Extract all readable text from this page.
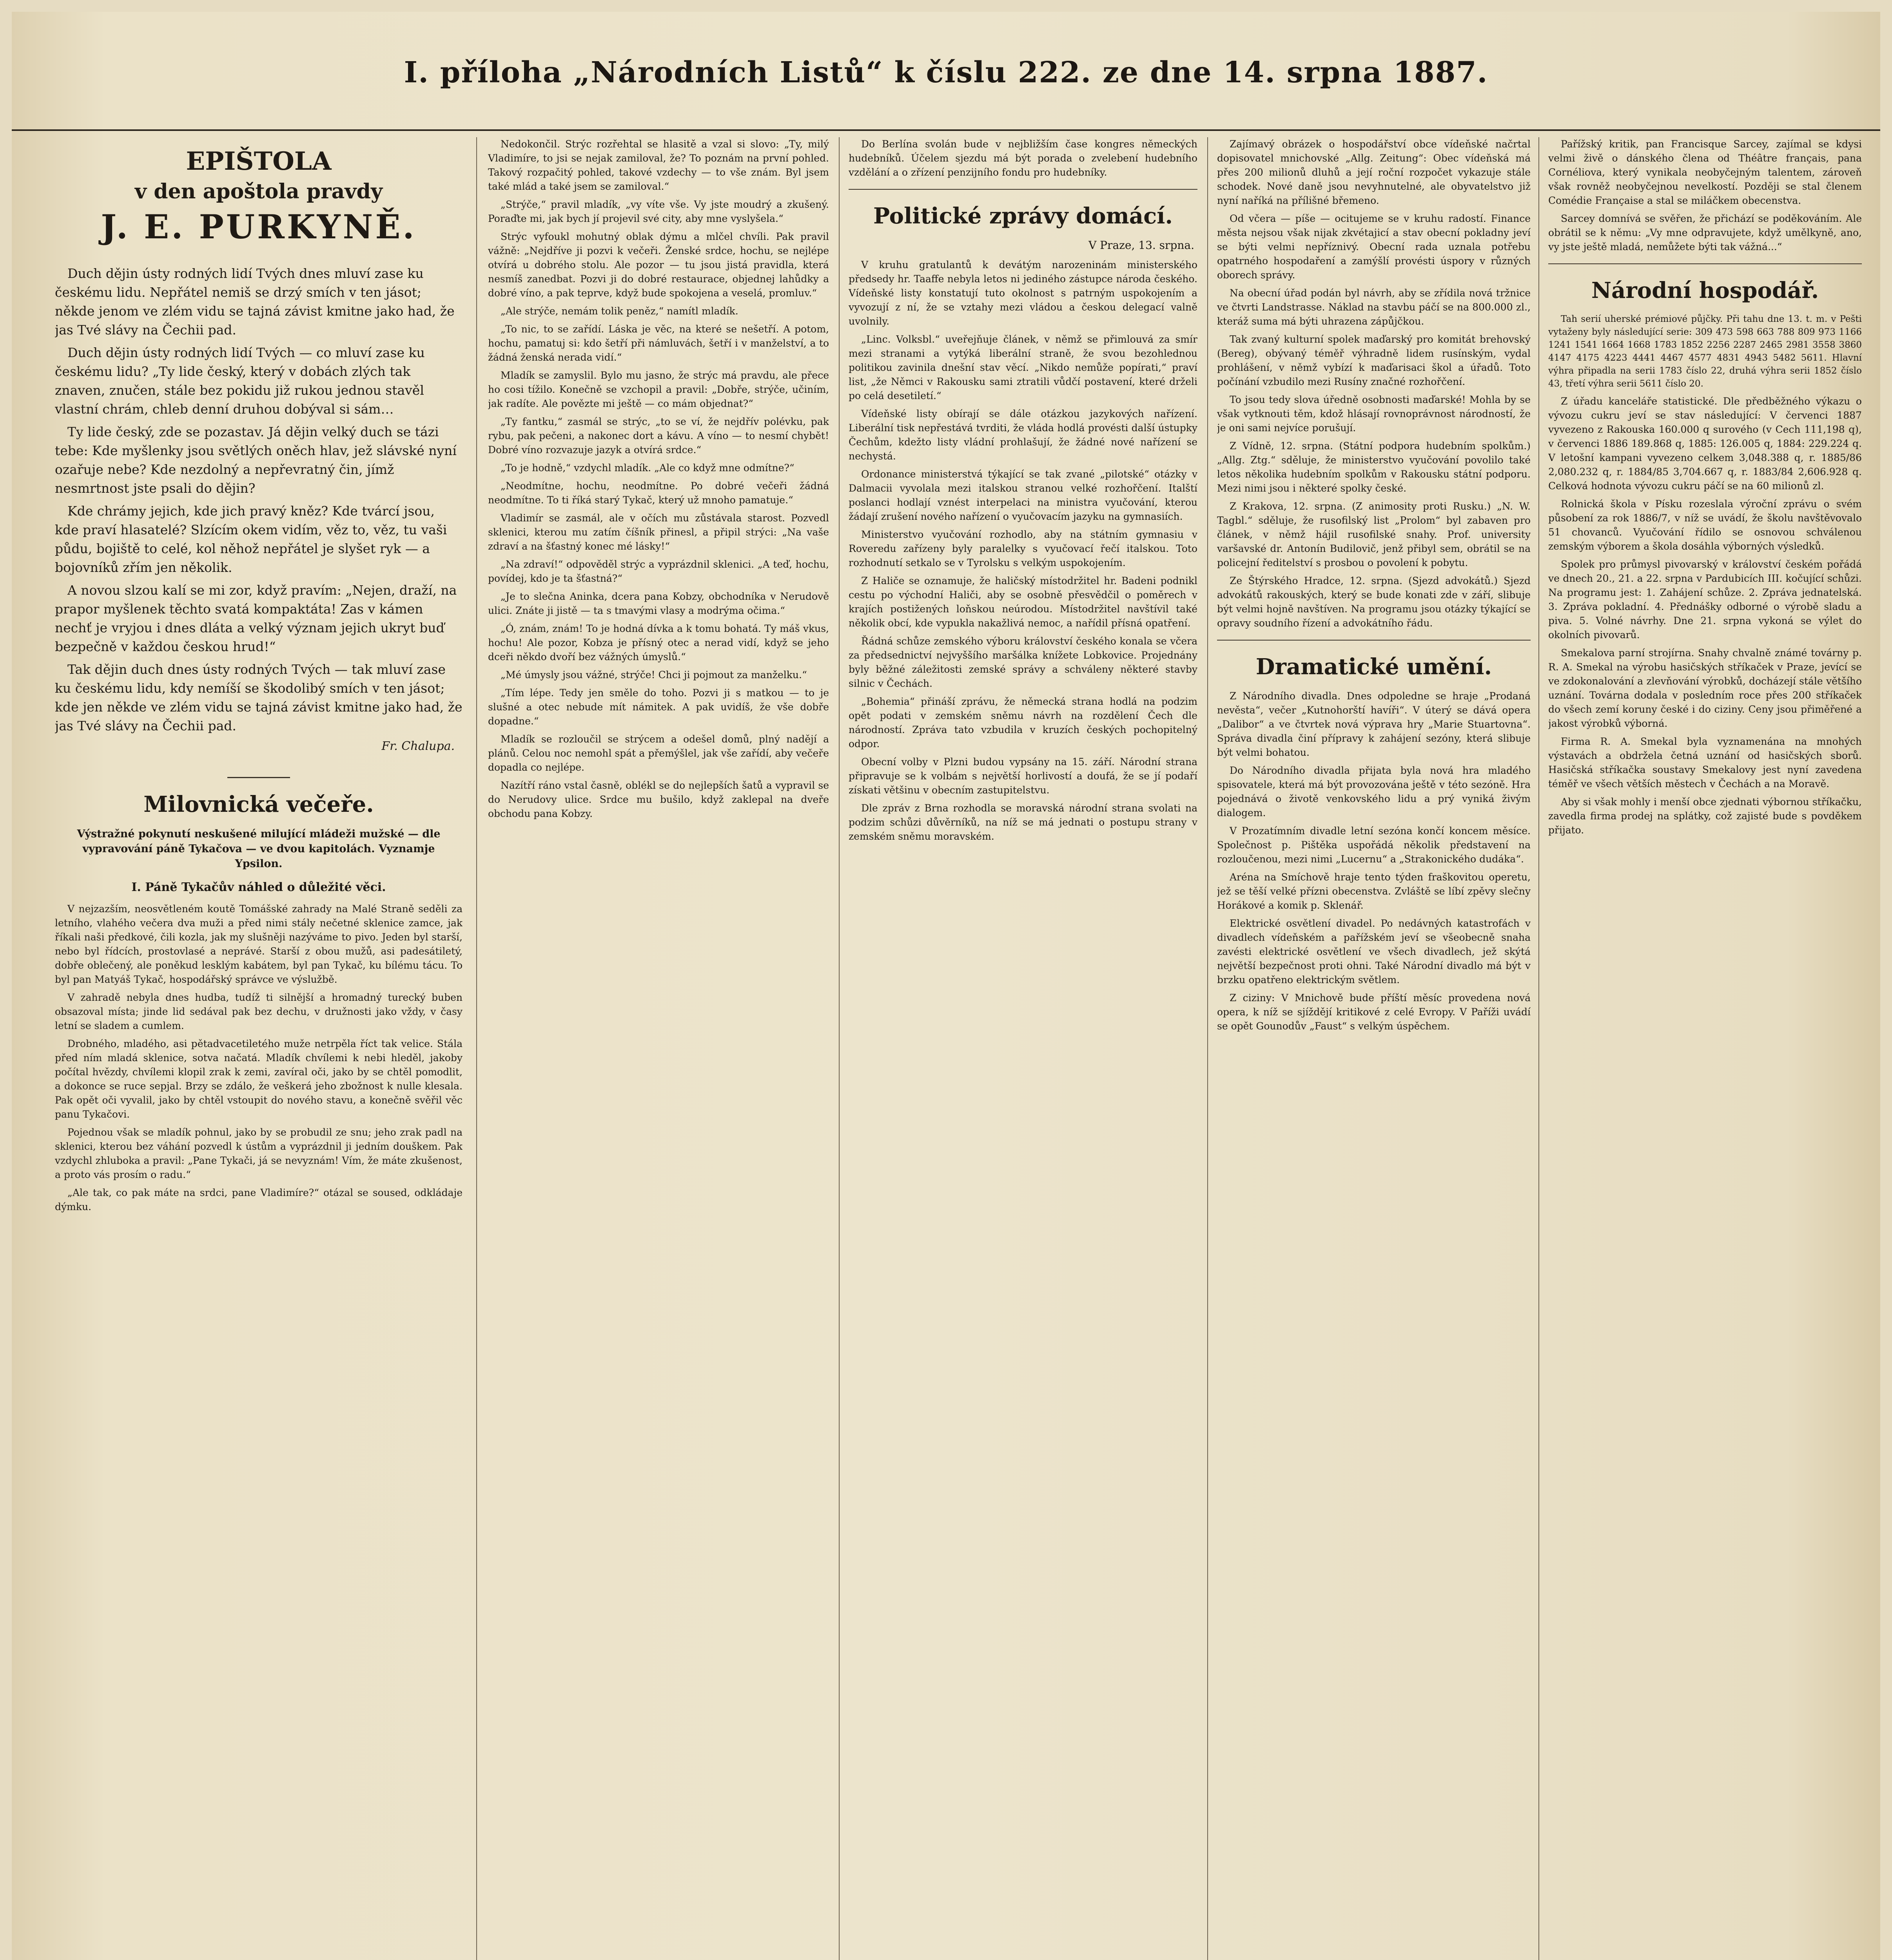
I. příloha „Národních Listů“ k číslu 222. ze dne 14. srpna 1887.
EPIŠTOLA
v den apoštola pravdy
J. E. PURKYNĚ.

Duch dějin ústy rodných lidí Tvých dnes mluví zase ku českému lidu. Nepřátel nemiš se drzý smích v ten jásot; někde jenom ve zlém vidu se tajná závist kmitne jako had, že jas Tvé slávy na Čechii pad.

Duch dějin ústy rodných lidí Tvých — co mluví zase ku českému lidu? „Ty lide český, který v dobách zlých tak znaven, znučen, stále bez pokidu již rukou jednou stavěl vlastní chrám, chleb denní druhou dobýval si sám…

Ty lide český, zde se pozastav. Já dějin velký duch se tázi tebe: Kde myšlenky jsou světlých oněch hlav, jež slávské nyní ozařuje nebe? Kde nezdolný a nepřevratný čin, jímž nesmrtnost jste psali do dějin?

Kde chrámy jejich, kde jich pravý kněz? Kde tvárcí jsou, kde praví hlasatelé? Slzícím okem vidím, věz to, věz, tu vaši půdu, bojiště to celé, kol něhož nepřátel je slyšet ryk — a bojovníků zřím jen několik.

A novou slzou kalí se mi zor, když pravím: „Nejen, draží, na prapor myšlenek těchto svatá kompaktáta! Zas v kámen nechť je vryjou i dnes dlátа a velký význam jejich ukryt buď bezpečně v každou českou hrud!“

Tak dějin duch dnes ústy rodných Tvých — tak mluví zase ku českému lidu, kdy nemíší se škodolibý smích v ten jásot; kde jen někde ve zlém vidu se tajná závist kmitne jako had, že jas Tvé slávy na Čechii pad.

Fr. Chalupa.
Milovnická večeře.
Výstražné pokynutí neskušené milující mládeži mužské — dle vypravování páně Tykačova — ve dvou kapitolách. Vyznamje Ypsilon.
I. Páně Tykačův náhled o důležité věci.

V nejzazším, neosvětleném koutě Tomášské zahrady na Malé Straně seděli za letního, vlahého večera dva muži a před nimi stály nečetné sklenice zamce, jak říkali naši předkové, čili kozla, jak my slušněji nazýváme to pivo. Jeden byl starší, nebo byl řídcích, prostovlasé a neprávé. Starší z obou mužů, asi padesátiletý, dobře oblečený, ale poněkud lesklým kabátem, byl pan Tykač, ku bílému tácu. To byl pan Matyáš Tykač, hospodářský správce ve výslužbě.

V zahradě nebyla dnes hudba, tudíž ti silnější a hromadný turecký buben obsazoval místa; jinde lid sedával pak bez dechu, v družnosti jako vždy, v časy letní se sladem a cumlem.

Drobného, mladého, asi pětadvacetiletého muže netrpěla říct tak velice. Stála před ním mladá sklenice, sotva načatá. Mladík chvílemi k nebi hleděl, jakoby počítal hvězdy, chvílemi klopil zrak k zemi, zavíral oči, jako by se chtěl pomodlit, a dokonce se ruce sepjal. Brzy se zdálo, že veškerá jeho zbožnost k nulle klesala. Pak opět oči vyvalil, jako by chtěl vstoupit do nového stavu, a konečně svěřil věc panu Tykačovi.

Pojednou však se mladík pohnul, jako by se probudil ze snu; jeho zrak padl na sklenici, kterou bez váhání pozvedl k ústům a vyprázdnil ji jedním douškem. Pak vzdychl zhluboka a pravil: „Pane Tykači, já se nevyznám! Vím, že máte zkušenost, a proto vás prosím o radu.“

„Ale tak, co pak máte na srdci, pane Vladimíre?“ otázal se soused, odkládaje dýmku.

Nedokončil. Strýc rozřehtal se hlasitě a vzal si slovo: „Ty, milý Vladimíre, to jsi se nejak zamiloval, že? To poznám na první pohled. Takový rozpačitý pohled, takové vzdechy — to vše znám. Byl jsem také mlád a také jsem se zamiloval.“

„Strýče,“ pravil mladík, „vy víte vše. Vy jste moudrý a zkušený. Poraďte mi, jak bych jí projevil své city, aby mne vyslyšela.“

Strýc vyfoukl mohutný oblak dýmu a mlčel chvíli. Pak pravil vážně: „Nejdříve ji pozvi k večeři. Ženské srdce, hochu, se nejlépe otvírá u dobrého stolu. Ale pozor — tu jsou jistá pravidla, která nesmíš zanedbat. Pozvi ji do dobré restaurace, objednej lahůdky a dobré víno, a pak teprve, když bude spokojena a veselá, promluv.“

„Ale strýče, nemám tolik peněz,“ namítl mladík.

„To nic, to se zařídí. Láska je věc, na které se nešetří. A potom, hochu, pamatuj si: kdo šetří při námluvách, šetří i v manželství, a to žádná ženská nerada vidí.“

Mladík se zamyslil. Bylo mu jasno, že strýc má pravdu, ale přece ho cosi tížilo. Konečně se vzchopil a pravil: „Dobře, strýče, učiním, jak radíte. Ale povězte mi ještě — co mám objednat?“

„Ty fantku,“ zasmál se strýc, „to se ví, že nejdřív polévku, pak rybu, pak pečeni, a nakonec dort a kávu. A víno — to nesmí chybět! Dobré víno rozvazuje jazyk a otvírá srdce.“

„To je hodně,“ vzdychl mladík. „Ale co když mne odmítne?“

„Neodmítne, hochu, neodmítne. Po dobré večeři žádná neodmítne. To ti říká starý Tykač, který už mnoho pamatuje.“

Vladimír se zasmál, ale v očích mu zůstávala starost. Pozvedl sklenici, kterou mu zatím číšník přinesl, a připil strýci: „Na vaše zdraví a na šťastný konec mé lásky!“

„Na zdraví!“ odpověděl strýc a vyprázdnil sklenici. „A teď, hochu, povídej, kdo je ta šťastná?“

„Je to slečna Aninka, dcera pana Kobzy, obchodníka v Nerudově ulici. Znáte ji jistě — ta s tmavými vlasy a modrýma očima.“

„Ó, znám, znám! To je hodná dívka a k tomu bohatá. Ty máš vkus, hochu! Ale pozor, Kobza je přísný otec a nerad vidí, když se jeho dceři někdo dvoří bez vážných úmyslů.“

„Mé úmysly jsou vážné, strýče! Chci ji pojmout za manželku.“

„Tím lépe. Tedy jen směle do toho. Pozvi ji s matkou — to je slušné a otec nebude mít námitek. A pak uvidíš, že vše dobře dopadne.“

Mladík se rozloučil se strýcem a odešel domů, plný nadějí a plánů. Celou noc nemohl spát a přemýšlel, jak vše zařídí, aby večeře dopadla co nejlépe.

Nazítří ráno vstal časně, oblékl se do nejlepších šatů a vypravil se do Nerudovy ulice. Srdce mu bušilo, když zaklepal na dveře obchodu pana Kobzy.

Do Berlína svolán bude v nejbližším čase kongres německých hudebníků. Účelem sjezdu má být porada o zvelebení hudebního vzdělání a o zřízení penzijního fondu pro hudebníky.

Politické zprávy domácí.
V Praze, 13. srpna.

V kruhu gratulantů k devátým narozeninám ministerského předsedy hr. Taaffe nebyla letos ni jediného zástupce národa českého. Vídeňské listy konstatují tuto okolnost s patrným uspokojením a vyvozují z ní, že se vztahy mezi vládou a českou delegací valně uvolnily.

„Linc. Volksbl.“ uveřejňuje článek, v němž se přimlouvá za smír mezi stranami a vytýká liberální straně, že svou bezohlednou politikou zavinila dnešní stav věcí. „Nikdo nemůže popírati,“ praví list, „že Němci v Rakousku sami ztratili vůdčí postavení, které drželi po celá desetiletí.“

Vídeňské listy obírají se dále otázkou jazykových nařízení. Liberální tisk nepřestává tvrditi, že vláda hodlá provésti další ústupky Čechům, kdežto listy vládní prohlašují, že žádné nové nařízení se nechystá.

Ordonance ministerstvá týkající se tak zvané „pilotské“ otázky v Dalmacii vyvolala mezi italskou stranou velké rozhořčení. Italští poslanci hodlají vznést interpelaci na ministra vyučování, kterou žádají zrušení nového nařízení o vyučovacím jazyku na gymnasiích.

Ministerstvo vyučování rozhodlo, aby na státním gymnasiu v Roveredu zařízeny byly paralelky s vyučovací řečí italskou. Toto rozhodnutí setkalo se v Tyrolsku s velkým uspokojením.

Z Haliče se oznamuje, že haličský místodržitel hr. Badeni podnikl cestu po východní Haliči, aby se osobně přesvědčil o poměrech v krajích postižených loňskou neúrodou. Místodržitel navštívil také několik obcí, kde vypukla nakažlivá nemoc, a nařídil přísná opatření.

Řádná schůze zemského výboru království českého konala se včera za předsednictví nejvyššího maršálka knížete Lobkovice. Projednány byly běžné záležitosti zemské správy a schváleny některé stavby silnic v Čechách.

„Bohemia“ přináší zprávu, že německá strana hodlá na podzim opět podati v zemském sněmu návrh na rozdělení Čech dle národností. Zpráva tato vzbudila v kruzích českých pochopitelný odpor.

Obecní volby v Plzni budou vypsány na 15. září. Národní strana připravuje se k volbám s největší horlivostí a doufá, že se jí podaří získati většinu v obecním zastupitelstvu.

Dle zpráv z Brna rozhodla se moravská národní strana svolati na podzim schůzi důvěrníků, na níž se má jednati o postupu strany v zemském sněmu moravském.

Zajímavý obrázek o hospodářství obce vídeňské načrtal dopisovatel mnichovské „Allg. Zeitung“: Obec vídeňská má přes 200 milionů dluhů a její roční rozpočet vykazuje stále schodek. Nové daně jsou nevyhnutelné, ale obyvatelstvo již nyní naříká na přílišné břemeno.

Od včera — píše — ocitujeme se v kruhu radostí. Finance města nejsou však nijak zkvétajicí a stav obecní pokladny jeví se býti velmi nepříznivý. Obecní rada uznala potřebu opatrného hospodaření a zamýšlí provésti úspory v různých oborech správy.

Na obecní úřad podán byl návrh, aby se zřídila nová tržnice ve čtvrti Landstrasse. Náklad na stavbu páčí se na 800.000 zl., kteráž suma má býti uhrazena zápůjčkou.

Tak zvaný kulturní spolek maďarský pro komitát brehovský (Bereg), obývaný téměř výhradně lidem rusínským, vydal prohlášení, v němž vybízí k maďarisaci škol a úřadů. Toto počínání vzbudilo mezi Rusíny značné rozhořčení.

To jsou tedy slova úředně osobnosti maďarské! Mohla by se však vytknouti těm, kdož hlásají rovnoprávnost národností, že je oni sami nejvíce porušují.

Z Vídně, 12. srpna. (Státní podpora hudebním spolkům.) „Allg. Ztg.“ sděluje, že ministerstvo vyučování povolilo také letos několika hudebním spolkům v Rakousku státní podporu. Mezi nimi jsou i některé spolky české.

Z Krakova, 12. srpna. (Z animosity proti Rusku.) „N. W. Tagbl.“ sděluje, že rusofilský list „Prolom“ byl zabaven pro článek, v němž hájil rusofilské snahy. Prof. university varšavské dr. Antonín Budilovič, jenž přibyl sem, obrátil se na policejní ředitelství s prosbou o povolení k pobytu.

Ze Štýrského Hradce, 12. srpna. (Sjezd advokátů.) Sjezd advokátů rakouských, který se bude konati zde v září, slibuje být velmi hojně navštíven. Na programu jsou otázky týkající se opravy soudního řízení a advokátního řádu.

Dramatické umění.

Z Národního divadla. Dnes odpoledne se hraje „Prodaná nevěsta“, večer „Kutnohorští havíři“. V úterý se dává opera „Dalibor“ a ve čtvrtek nová výprava hry „Marie Stuartovna“. Správa divadla činí přípravy k zahájení sezóny, která slibuje být velmi bohatou.

Do Národního divadla přijata byla nová hra mladého spisovatele, která má být provozována ještě v této sezóně. Hra pojednává o životě venkovského lidu a prý vyniká živým dialogem.

V Prozatímním divadle letní sezóna končí koncem měsíce. Společnost p. Pištěka uspořádá několik představení na rozloučenou, mezi nimi „Lucernu“ a „Strakonického dudáka“.

Aréna na Smíchově hraje tento týden fraškovitou operetu, jež se těší velké přízni obecenstva. Zvláště se líbí zpěvy slečny Horákové a komik p. Sklenář.

Elektrické osvětlení divadel. Po nedávných katastrofách v divadlech vídeňském a pařížském jeví se všeobecně snaha zavésti elektrické osvětlení ve všech divadlech, jež skýtá největší bezpečnost proti ohni. Také Národní divadlo má být v brzku opatřeno elektrickým světlem.

Z ciziny: V Mnichově bude příští měsíc provedena nová opera, k níž se sjíždějí kritikové z celé Evropy. V Paříži uvádí se opět Gounodův „Faust“ s velkým úspěchem.

Pařížský kritik, pan Francisque Sarcey, zajímal se kdysi velmi živě o dánského člena od Théâtre français, pana Cornéliova, který vynikala neobyčejným talentem, zároveň však rovněž neobyčejnou nevelkostí. Později se stal členem Comédie Française a stal se miláčkem obecenstva.

Sarcey domnívá se svěřen, že přichází se poděkováním. Ale obrátil se k němu: „Vy mne odpravujete, když umělkyně, ano, vy jste ještě mladá, nemůžete býti tak vážná...“

Národní hospodář.

Tah serií uherské prémiové půjčky. Při tahu dne 13. t. m. v Pešti vytaženy byly následující serie: 309 473 598 663 788 809 973 1166 1241 1541 1664 1668 1783 1852 2256 2287 2465 2981 3558 3860 4147 4175 4223 4441 4467 4577 4831 4943 5482 5611. Hlavní výhra připadla na serii 1783 číslo 22, druhá výhra serii 1852 číslo 43, třetí výhra serii 5611 číslo 20.

Z úřadu kanceláře statistické. Dle předběžného výkazu o vývozu cukru jeví se stav následující: V červenci 1887 vyvezeno z Rakouska 160.000 q surového (v Cech 111,198 q), v červenci 1886 189.868 q, 1885: 126.005 q, 1884: 229.224 q. V letošní kampani vyvezeno celkem 3,048.388 q, r. 1885/86 2,080.232 q, r. 1884/85 3,704.667 q, r. 1883/84 2,606.928 q. Celková hodnota vývozu cukru páčí se na 60 milionů zl.

Rolnická škola v Písku rozeslala výroční zprávu o svém působení za rok 1886/7, v níž se uvádí, že školu navštěvovalo 51 chovanců. Vyučování řídilo se osnovou schválenou zemským výborem a škola dosáhla výborných výsledků.

Spolek pro průmysl pivovarský v království českém pořádá ve dnech 20., 21. a 22. srpna v Pardubicích III. kočující schůzi. Na programu jest: 1. Zahájení schůze. 2. Zpráva jednatelská. 3. Zpráva pokladní. 4. Přednášky odborné o výrobě sladu a piva. 5. Volné návrhy. Dne 21. srpna vykoná se výlet do okolních pivovarů.

Smekalova parní strojírna. Snahy chvalně známé továrny p. R. A. Smekal na výrobu hasičských stříkaček v Praze, jevící se ve zdokonalování a zlevňování výrobků, docházejí stále většího uznání. Továrna dodala v posledním roce přes 200 stříkaček do všech zemí koruny české i do ciziny. Ceny jsou přiměřené a jakost výrobků výborná.

Firma R. A. Smekal byla vyznamenána na mnohých výstavách a obdržela četná uznání od hasičských sborů. Hasičská stříkačka soustavy Smekalovy jest nyní zavedena téměř ve všech větších městech v Čechách a na Moravě.

Aby si však mohly i menší obce zjednati výbornou stříkačku, zavedla firma prodej na splátky, což zajisté bude s povděkem přijato.
